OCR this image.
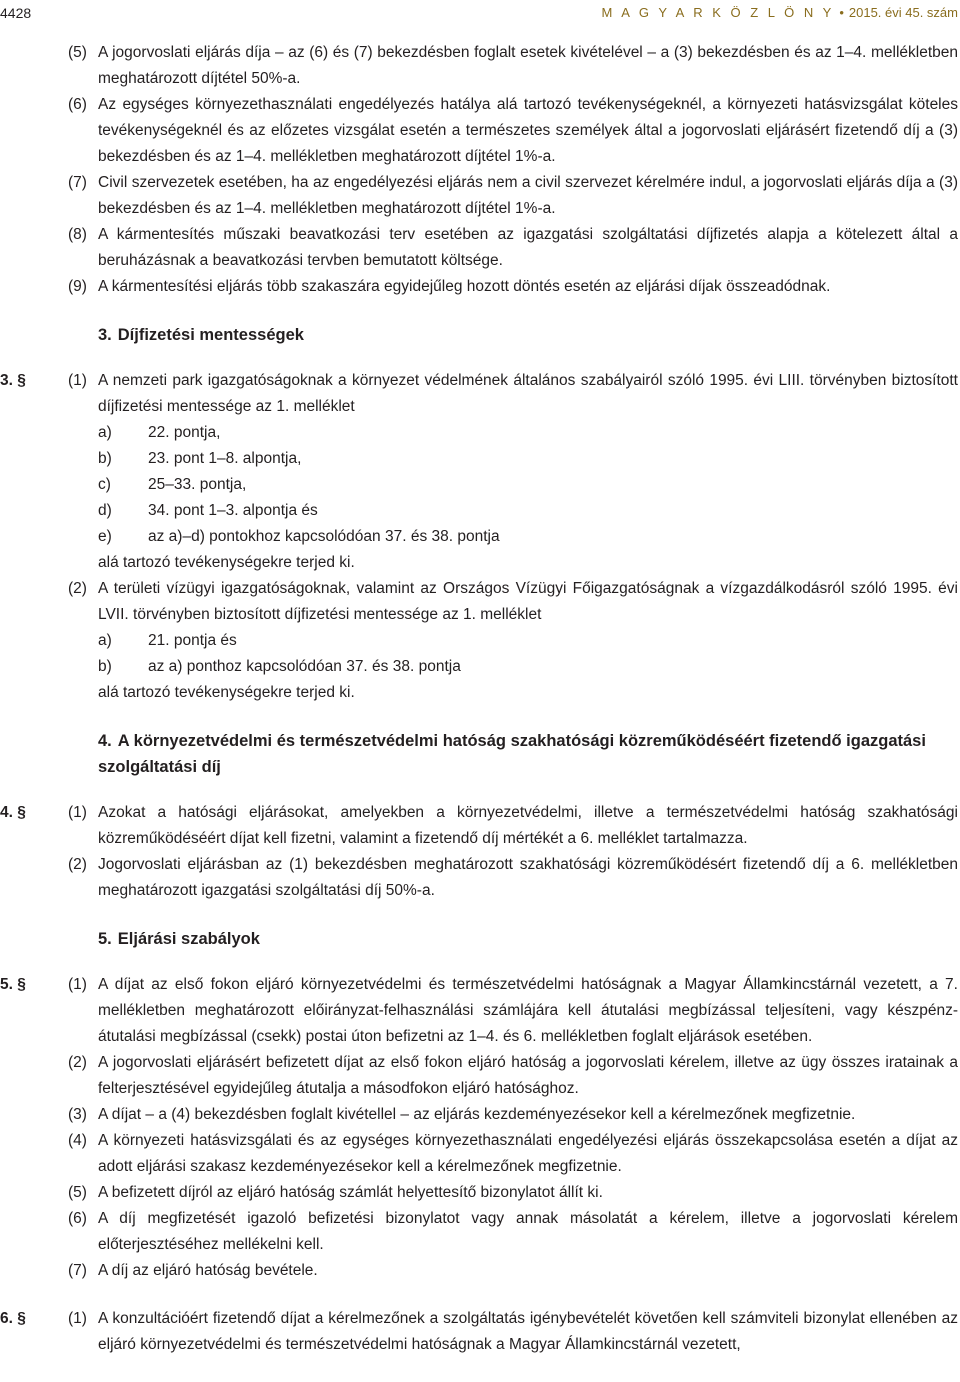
4428	M A G Y A R K Ö Z L Ö N Y • 2015. évi 45. szám
(5) A jogorvoslati eljárás díja – az (6) és (7) bekezdésben foglalt esetek kivételével – a (3) bekezdésben és az 1–4. mellékletben meghatározott díjtétel 50%-a.
(6) Az egységes környezethasználati engedélyezés hatálya alá tartozó tevékenységeknél, a környezeti hatásvizsgálat köteles tevékenységeknél és az előzetes vizsgálat esetén a természetes személyek által a jogorvoslati eljárásért fizetendő díj a (3) bekezdésben és az 1–4. mellékletben meghatározott díjtétel 1%-a.
(7) Civil szervezetek esetében, ha az engedélyezési eljárás nem a civil szervezet kérelmére indul, a jogorvoslati eljárás díja a (3) bekezdésben és az 1–4. mellékletben meghatározott díjtétel 1%-a.
(8) A kármentesítés műszaki beavatkozási terv esetében az igazgatási szolgáltatási díjfizetés alapja a kötelezett által a beruházásnak a beavatkozási tervben bemutatott költsége.
(9) A kármentesítési eljárás több szakaszára egyidejűleg hozott döntés esetén az eljárási díjak összeadódnak.
3. Díjfizetési mentességek
3. §	(1) A nemzeti park igazgatóságoknak a környezet védelmének általános szabályairól szóló 1995. évi LIII. törvényben biztosított díjfizetési mentessége az 1. melléklet
a)	22. pontja,
b)	23. pont 1–8. alpontja,
c)	25–33. pontja,
d)	34. pont 1–3. alpontja és
e)	az a)–d) pontokhoz kapcsolódóan 37. és 38. pontja
alá tartozó tevékenységekre terjed ki.
(2) A területi vízügyi igazgatóságoknak, valamint az Országos Vízügyi Főigazgatóságnak a vízgazdálkodásról szóló 1995. évi LVII. törvényben biztosított díjfizetési mentessége az 1. melléklet
a)	21. pontja és
b)	az a) ponthoz kapcsolódóan 37. és 38. pontja
alá tartozó tevékenységekre terjed ki.
4. A környezetvédelmi és természetvédelmi hatóság szakhatósági közreműködéséért fizetendő igazgatási szolgáltatási díj
4. §	(1) Azokat a hatósági eljárásokat, amelyekben a környezetvédelmi, illetve a természetvédelmi hatóság szakhatósági közreműködéséért díjat kell fizetni, valamint a fizetendő díj mértékét a 6. melléklet tartalmazza.
(2) Jogorvoslati eljárásban az (1) bekezdésben meghatározott szakhatósági közreműködésért fizetendő díj a 6. mellékletben meghatározott igazgatási szolgáltatási díj 50%-a.
5. Eljárási szabályok
5. §	(1) A díjat az első fokon eljáró környezetvédelmi és természetvédelmi hatóságnak a Magyar Államkincstárnál vezetett, a 7. mellékletben meghatározott előirányzat-felhasználási számlájára kell átutalási megbízással teljesíteni, vagy készpénz-átutalási megbízással (csekk) postai úton befizetni az 1–4. és 6. mellékletben foglalt eljárások esetében.
(2) A jogorvoslati eljárásért befizetett díjat az első fokon eljáró hatóság a jogorvoslati kérelem, illetve az ügy összes iratainak a felterjesztésével egyidejűleg átutalja a másodfokon eljáró hatósághoz.
(3) A díjat – a (4) bekezdésben foglalt kivétellel – az eljárás kezdeményezésekor kell a kérelmezőnek megfizetnie.
(4) A környezeti hatásvizsgálati és az egységes környezethasználati engedélyezési eljárás összekapcsolása esetén a díjat az adott eljárási szakasz kezdeményezésekor kell a kérelmezőnek megfizetnie.
(5) A befizetett díjról az eljáró hatóság számlát helyettesítő bizonylatot állít ki.
(6) A díj megfizetését igazoló befizetési bizonylatot vagy annak másolatát a kérelem, illetve a jogorvoslati kérelem előterjesztéséhez mellékelni kell.
(7) A díj az eljáró hatóság bevétele.
6. §	(1) A konzultációért fizetendő díjat a kérelmezőnek a szolgáltatás igénybevételét követően kell számviteli bizonylat ellenében az eljáró környezetvédelmi és természetvédelmi hatóságnak a Magyar Államkincstárnál vezetett,
